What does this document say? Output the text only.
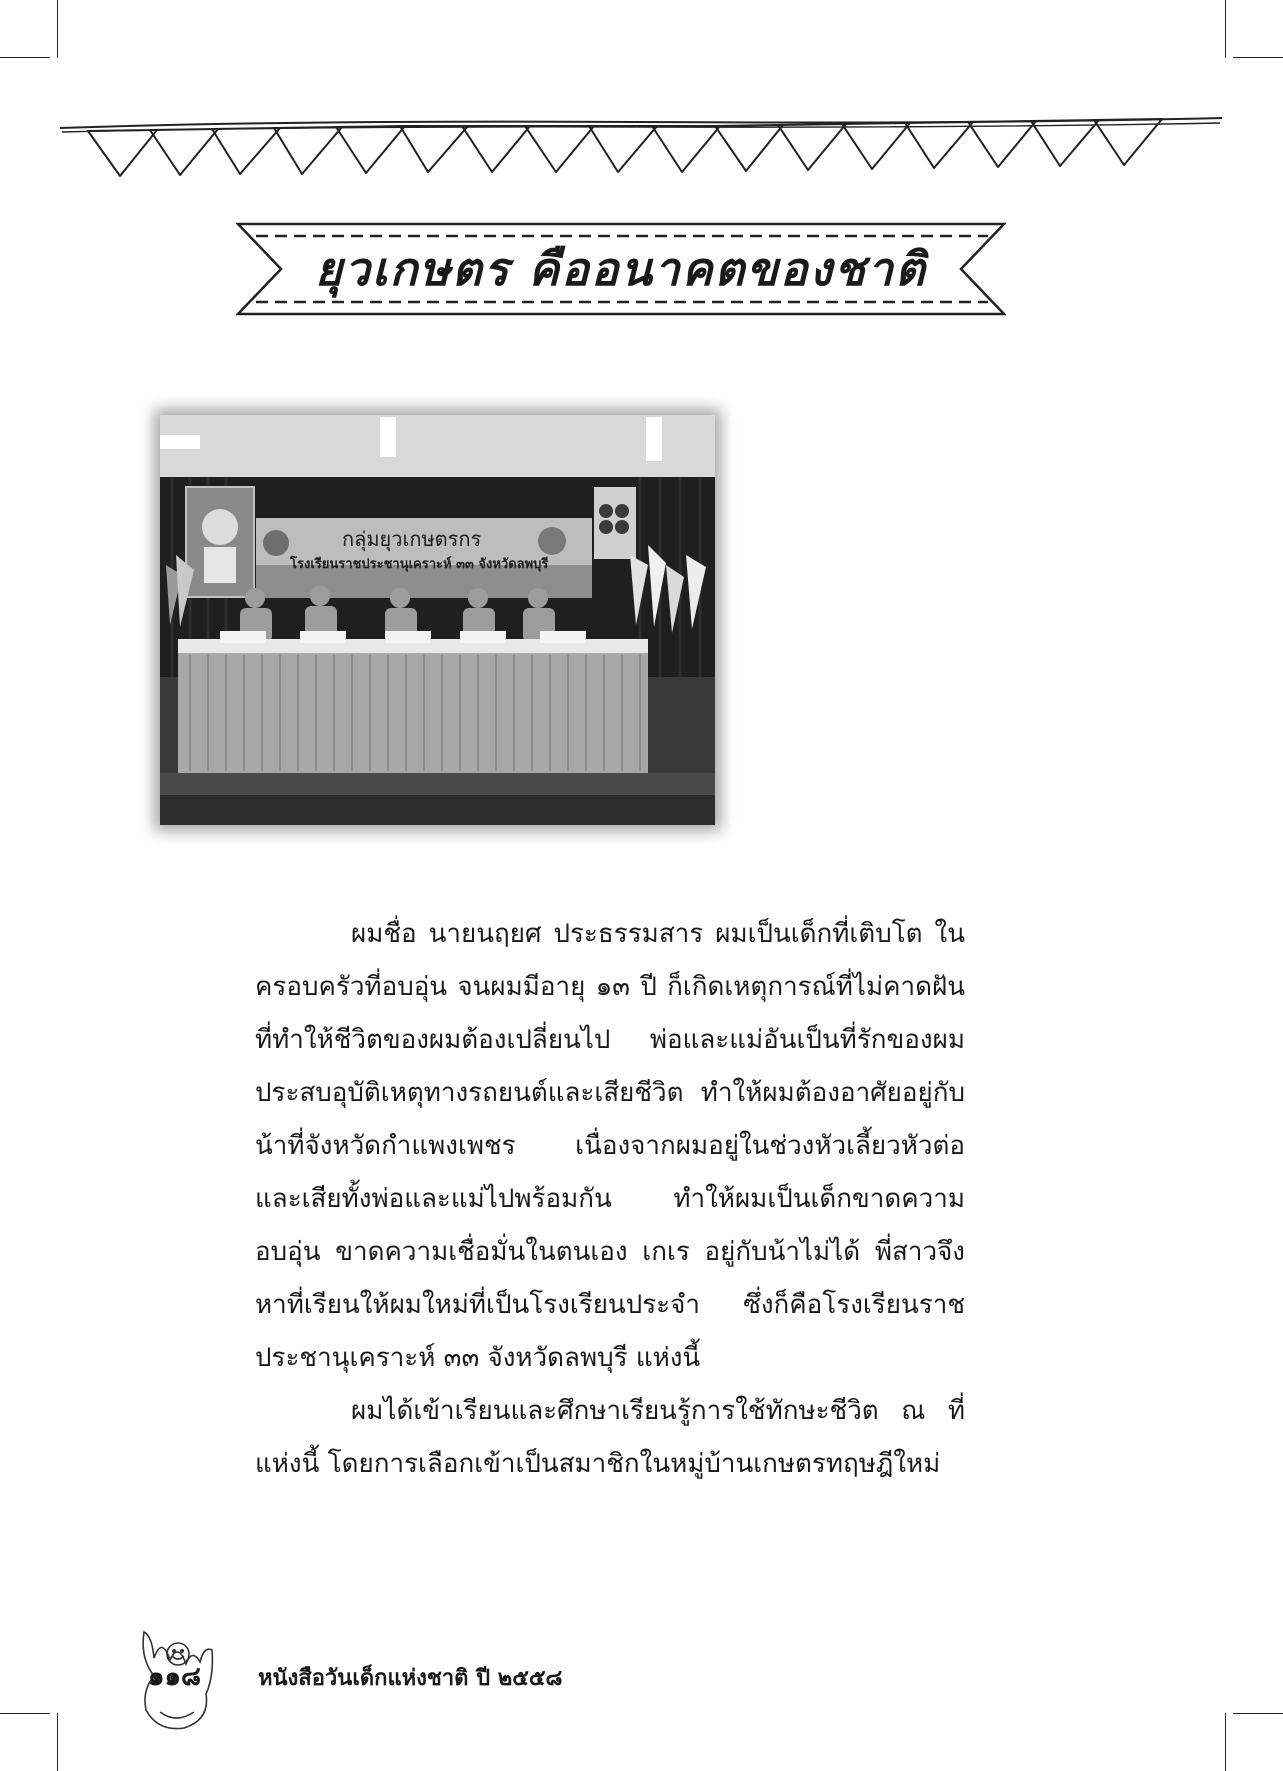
ยุวเกษตร คืออนาคตของชาติ
กลุ่มยุวเกษตรกร
โรงเรียนราชประชานุเคราะห์ ๓๓ จังหวัดลพบุรี

ผมชื่อ นายนฤยศ ประธรรมสาร ผมเป็นเด็กที่เติบโต ในครอบครัวที่อบอุ่น จนผมมีอายุ ๑๓ ปี ก็เกิดเหตุการณ์ที่ไม่คาดฝันที่ทำให้ชีวิตของผมต้องเปลี่ยนไป พ่อและแม่อันเป็นที่รักของผมประสบอุบัติเหตุทางรถยนต์และเสียชีวิต ทำให้ผมต้องอาศัยอยู่กับน้าที่จังหวัดกำแพงเพชร เนื่องจากผมอยู่ในช่วงหัวเลี้ยวหัวต่อ และเสียทั้งพ่อและแม่ไปพร้อมกัน ทำให้ผมเป็นเด็กขาดความอบอุ่น ขาดความเชื่อมั่นในตนเอง เกเร อยู่กับน้าไม่ได้ พี่สาวจึงหาที่เรียนให้ผมใหม่ที่เป็นโรงเรียนประจำ ซึ่งก็คือโรงเรียนราชประชานุเคราะห์ ๓๓ จังหวัดลพบุรี แห่งนี้

ผมได้เข้าเรียนและศึกษาเรียนรู้การใช้ทักษะชีวิต ณ ที่แห่งนี้ โดยการเลือกเข้าเป็นสมาชิกในหมู่บ้านเกษตรทฤษฎีใหม่

๑๑๘	หนังสือวันเด็กแห่งชาติ ปี ๒๕๕๘
